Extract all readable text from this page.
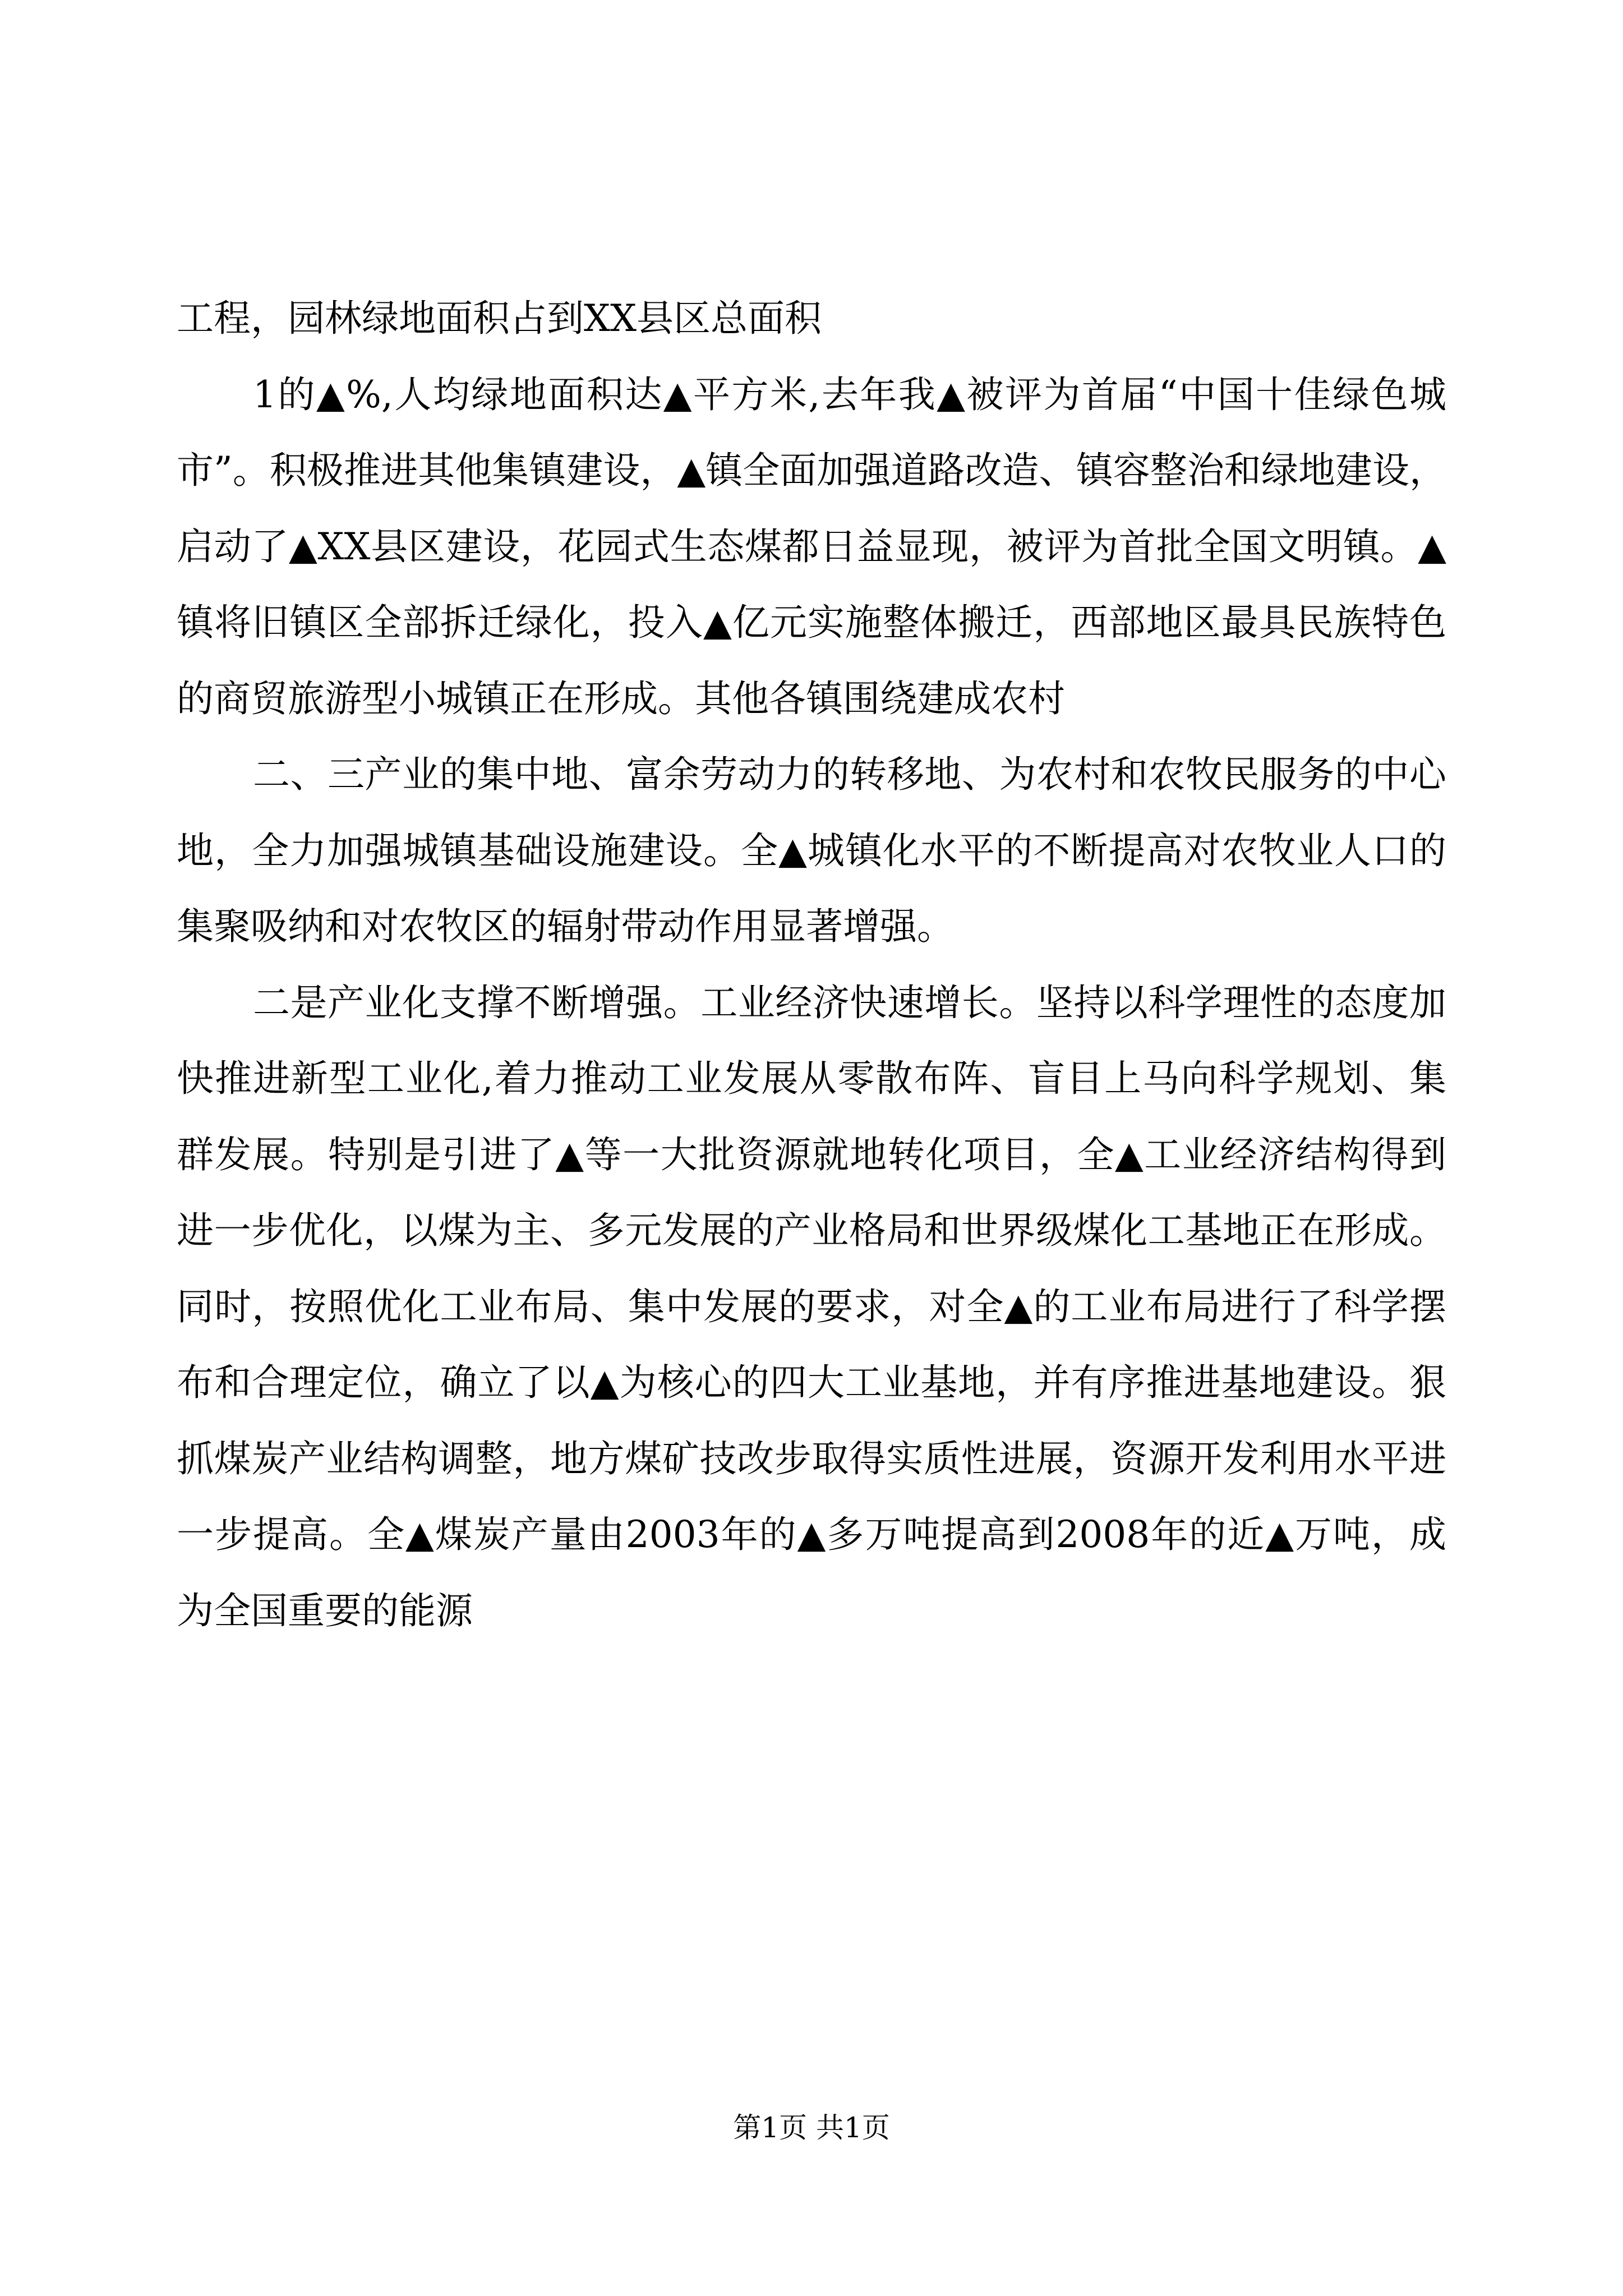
工程，园林绿地面积占到XX县区总面积

1的▲%,人均绿地面积达▲平方米,去年我▲被评为首届“中国十佳绿色城市”。积极推进其他集镇建设，▲镇全面加强道路改造、镇容整治和绿地建设，启动了▲XX县区建设，花园式生态煤都日益显现，被评为首批全国文明镇。▲镇将旧镇区全部拆迁绿化，投入▲亿元实施整体搬迁，西部地区最具民族特色的商贸旅游型小城镇正在形成。其他各镇围绕建成农村

二、三产业的集中地、富余劳动力的转移地、为农村和农牧民服务的中心地，全力加强城镇基础设施建设。全▲城镇化水平的不断提高对农牧业人口的集聚吸纳和对农牧区的辐射带动作用显著增强。

二是产业化支撑不断增强。工业经济快速增长。坚持以科学理性的态度加快推进新型工业化,着力推动工业发展从零散布阵、盲目上马向科学规划、集群发展。特别是引进了▲等一大批资源就地转化项目，全▲工业经济结构得到进一步优化，以煤为主、多元发展的产业格局和世界级煤化工基地正在形成。同时，按照优化工业布局、集中发展的要求，对全▲的工业布局进行了科学摆布和合理定位，确立了以▲为核心的四大工业基地，并有序推进基地建设。狠抓煤炭产业结构调整，地方煤矿技改步取得实质性进展，资源开发利用水平进一步提高。全▲煤炭产量由2003年的▲多万吨提高到2008年的近▲万吨，成为全国重要的能源

第1页 共1页
